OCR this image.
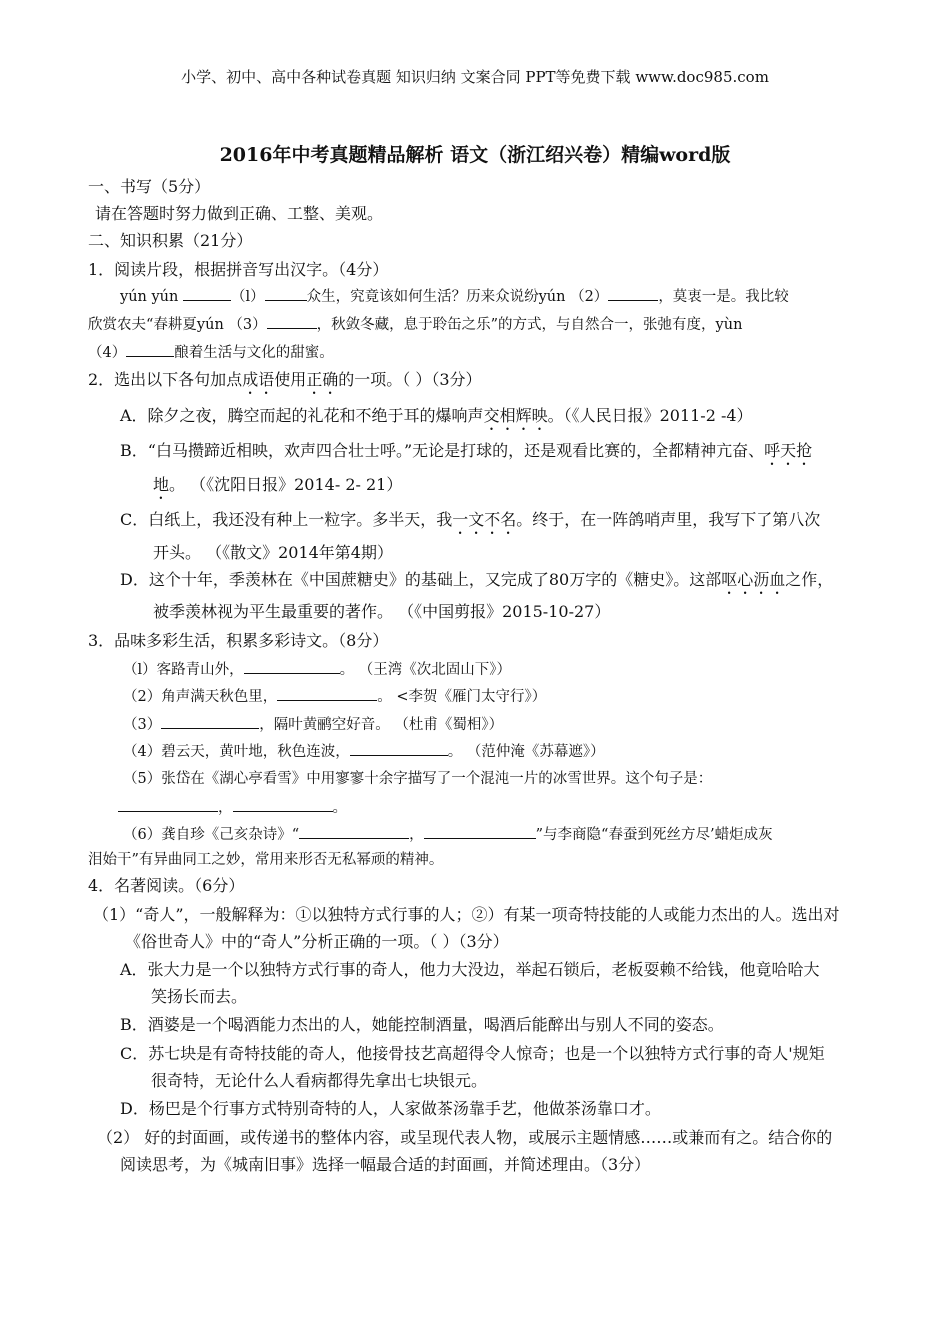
小学、初中、高中各种试卷真题 知识归纳 文案合同 PPT等免费下载 www.doc985.com
2016年中考真题精品解析 语文（浙江绍兴卷）精编word版
一、书写（5分）
请在答题时努力做到正确、工整、美观。
二、知识积累（21分）
1．阅读片段，根据拼音写出汉字。（4分）
yún yún	（l）	众生，究竟该如何生活？历来众说纷yún （2）	，莫衷一是。我比较
欣赏农夫“春耕夏yún （3）	，秋敛冬藏，息于聆缶之乐”的方式，与自然合一，张弛有度，yùn
（4）	酿着生活与文化的甜蜜。
2．选出以下各句加点成语使用正确的一项。（ ）（3分）
A．除夕之夜，腾空而起的礼花和不绝于耳的爆响声交相辉映。（《人民日报》2011-2 -4）
B．“白马攒蹄近相映，欢声四合壮士呼。”无论是打球的，还是观看比赛的，全都精神亢奋、呼天抢
地。 （《沈阳日报》2014- 2- 21）
C．白纸上，我还没有种上一粒字。多半天，我一文不名。终于，在一阵鸽哨声里，我写下了第八次
开头。 （《散文》2014年第4期）
D．这个十年，季羡林在《中国蔗糖史》的基础上，又完成了80万字的《糖史》。这部呕心沥血之作，
被季羡林视为平生最重要的著作。 （《中国剪报》2015-10-27）
3．品味多彩生活，积累多彩诗文。（8分）
（l）客路青山外，	。 （王湾《次北固山下》）
（2）角声满天秋色里，	。 <李贺《雁门太守行》）
（3）	，隔叶黄鹂空好音。 （杜甫《蜀相》）
（4）碧云天，黄叶地，秋色连波，	。 （范仲淹《苏幕遮》）
（5）张岱在《湖心亭看雪》中用寥寥十余字描写了一个混沌一片的冰雪世界。这个句子是：
，	。
（6）龚自珍《己亥杂诗》“	，	”与李商隐“春蚕到死丝方尽’蜡炬成灰
泪始干”有异曲同工之妙，常用来形否无私幂顽的精神。
4．名著阅读。（6分）
（1）“奇人”，一般解释为：①以独特方式行事的人；②）有某一项奇特技能的人或能力杰出的人。选出对
《俗世奇人》中的“奇人”分析正确的一项。（ ）（3分）
A．张大力是一个以独特方式行事的奇人，他力大没边，举起石锁后，老板耍赖不给钱，他竟哈哈大
笑扬长而去。
B．酒婆是一个喝酒能力杰出的人，她能控制酒量，喝酒后能醉出与别人不同的姿态。
C．苏七块是有奇特技能的奇人，他接骨技艺高超得令人惊奇；也是一个以独特方式行事的奇人'规矩
很奇特，无论什么人看病都得先拿出七块银元。
D．杨巴是个行事方式特别奇特的人，人家做茶汤靠手艺，他做茶汤靠口才。
（2） 好的封面画，或传递书的整体内容，或呈现代表人物，或展示主题情感……或兼而有之。结合你的
阅读思考，为《城南旧事》选择一幅最合适的封面画，并简述理由。（3分）
